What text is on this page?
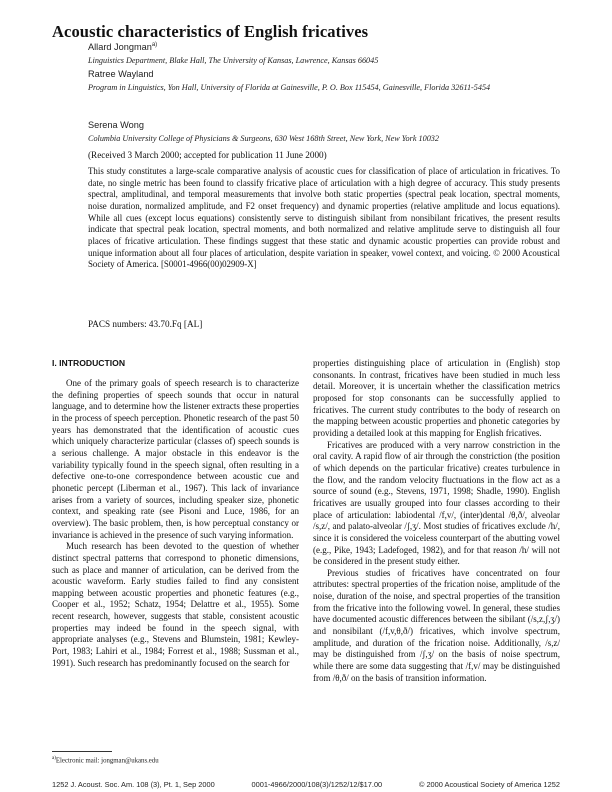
Acoustic characteristics of English fricatives
Allard Jongman$^{a)}$
Linguistics Department, Blake Hall, The University of Kansas, Lawrence, Kansas 66045
Ratree Wayland
Program in Linguistics, Yon Hall, University of Florida at Gainesville, P. O. Box 115454, Gainesville, Florida 32611-5454
Serena Wong
Columbia University College of Physicians & Surgeons, 630 West 168th Street, New York, New York 10032
(Received 3 March 2000; accepted for publication 11 June 2000)

This study constitutes a large-scale comparative analysis of acoustic cues for classification of place of articulation in fricatives. To date, no single metric has been found to classify fricative place of articulation with a high degree of accuracy. This study presents spectral, amplitudinal, and temporal measurements that involve both static properties (spectral peak location, spectral moments, noise duration, normalized amplitude, and F2 onset frequency) and dynamic properties (relative amplitude and locus equations). While all cues (except locus equations) consistently serve to distinguish sibilant from nonsibilant fricatives, the present results indicate that spectral peak location, spectral moments, and both normalized and relative amplitude serve to distinguish all four places of fricative articulation. These findings suggest that these static and dynamic acoustic properties can provide robust and unique information about all four places of articulation, despite variation in speaker, vowel context, and voicing. © 2000 Acoustical Society of America. [S0001-4966(00)02909-X]

PACS numbers: 43.70.Fq [AL]
I. INTRODUCTION

One of the primary goals of speech research is to characterize the defining properties of speech sounds that occur in natural language, and to determine how the listener extracts these properties in the process of speech perception. Phonetic research of the past 50 years has demonstrated that the identification of acoustic cues which uniquely characterize particular (classes of) speech sounds is a serious challenge. A major obstacle in this endeavor is the variability typically found in the speech signal, often resulting in a defective one-to-one correspondence between acoustic cue and phonetic percept (Liberman et al., 1967). This lack of invariance arises from a variety of sources, including speaker size, phonetic context, and speaking rate (see Pisoni and Luce, 1986, for an overview). The basic problem, then, is how perceptual constancy or invariance is achieved in the presence of such varying information.

Much research has been devoted to the question of whether distinct spectral patterns that correspond to phonetic dimensions, such as place and manner of articulation, can be derived from the acoustic waveform. Early studies failed to find any consistent mapping between acoustic properties and phonetic features (e.g., Cooper et al., 1952; Schatz, 1954; Delattre et al., 1955). Some recent research, however, suggests that stable, consistent acoustic properties may indeed be found in the speech signal, with appropriate analyses (e.g., Stevens and Blumstein, 1981; Kewley-Port, 1983; Lahiri et al., 1984; Forrest et al., 1988; Sussman et al., 1991). Such research has predominantly focused on the search for

properties distinguishing place of articulation in (English) stop consonants. In contrast, fricatives have been studied in much less detail. Moreover, it is uncertain whether the classification metrics proposed for stop consonants can be successfully applied to fricatives. The current study contributes to the body of research on the mapping between acoustic properties and phonetic categories by providing a detailed look at this mapping for English fricatives.

Fricatives are produced with a very narrow constriction in the oral cavity. A rapid flow of air through the constriction (the position of which depends on the particular fricative) creates turbulence in the flow, and the random velocity fluctuations in the flow act as a source of sound (e.g., Stevens, 1971, 1998; Shadle, 1990). English fricatives are usually grouped into four classes according to their place of articulation: labiodental /f,v/, (inter)dental /θ,ð/, alveolar /s,z/, and palato-alveolar /ʃ,ʒ/. Most studies of fricatives exclude /h/, since it is considered the voiceless counterpart of the abutting vowel (e.g., Pike, 1943; Ladefoged, 1982), and for that reason /h/ will not be considered in the present study either.

Previous studies of fricatives have concentrated on four attributes: spectral properties of the frication noise, amplitude of the noise, duration of the noise, and spectral properties of the transition from the fricative into the following vowel. In general, these studies have documented acoustic differences between the sibilant (/s,z,ʃ,ʒ/) and nonsibilant (/f,v,θ,ð/) fricatives, which involve spectrum, amplitude, and duration of the frication noise. Additionally, /s,z/ may be distinguished from /ʃ,ʒ/ on the basis of noise spectrum, while there are some data suggesting that /f,v/ may be distinguished from /θ,ð/ on the basis of transition information.

$^{a)}$Electronic mail: jongman@ukans.edu
1252 J. Acoust. Soc. Am. 108 (3), Pt. 1, Sep 2000	0001-4966/2000/108(3)/1252/12/$17.00	© 2000 Acoustical Society of America 1252
